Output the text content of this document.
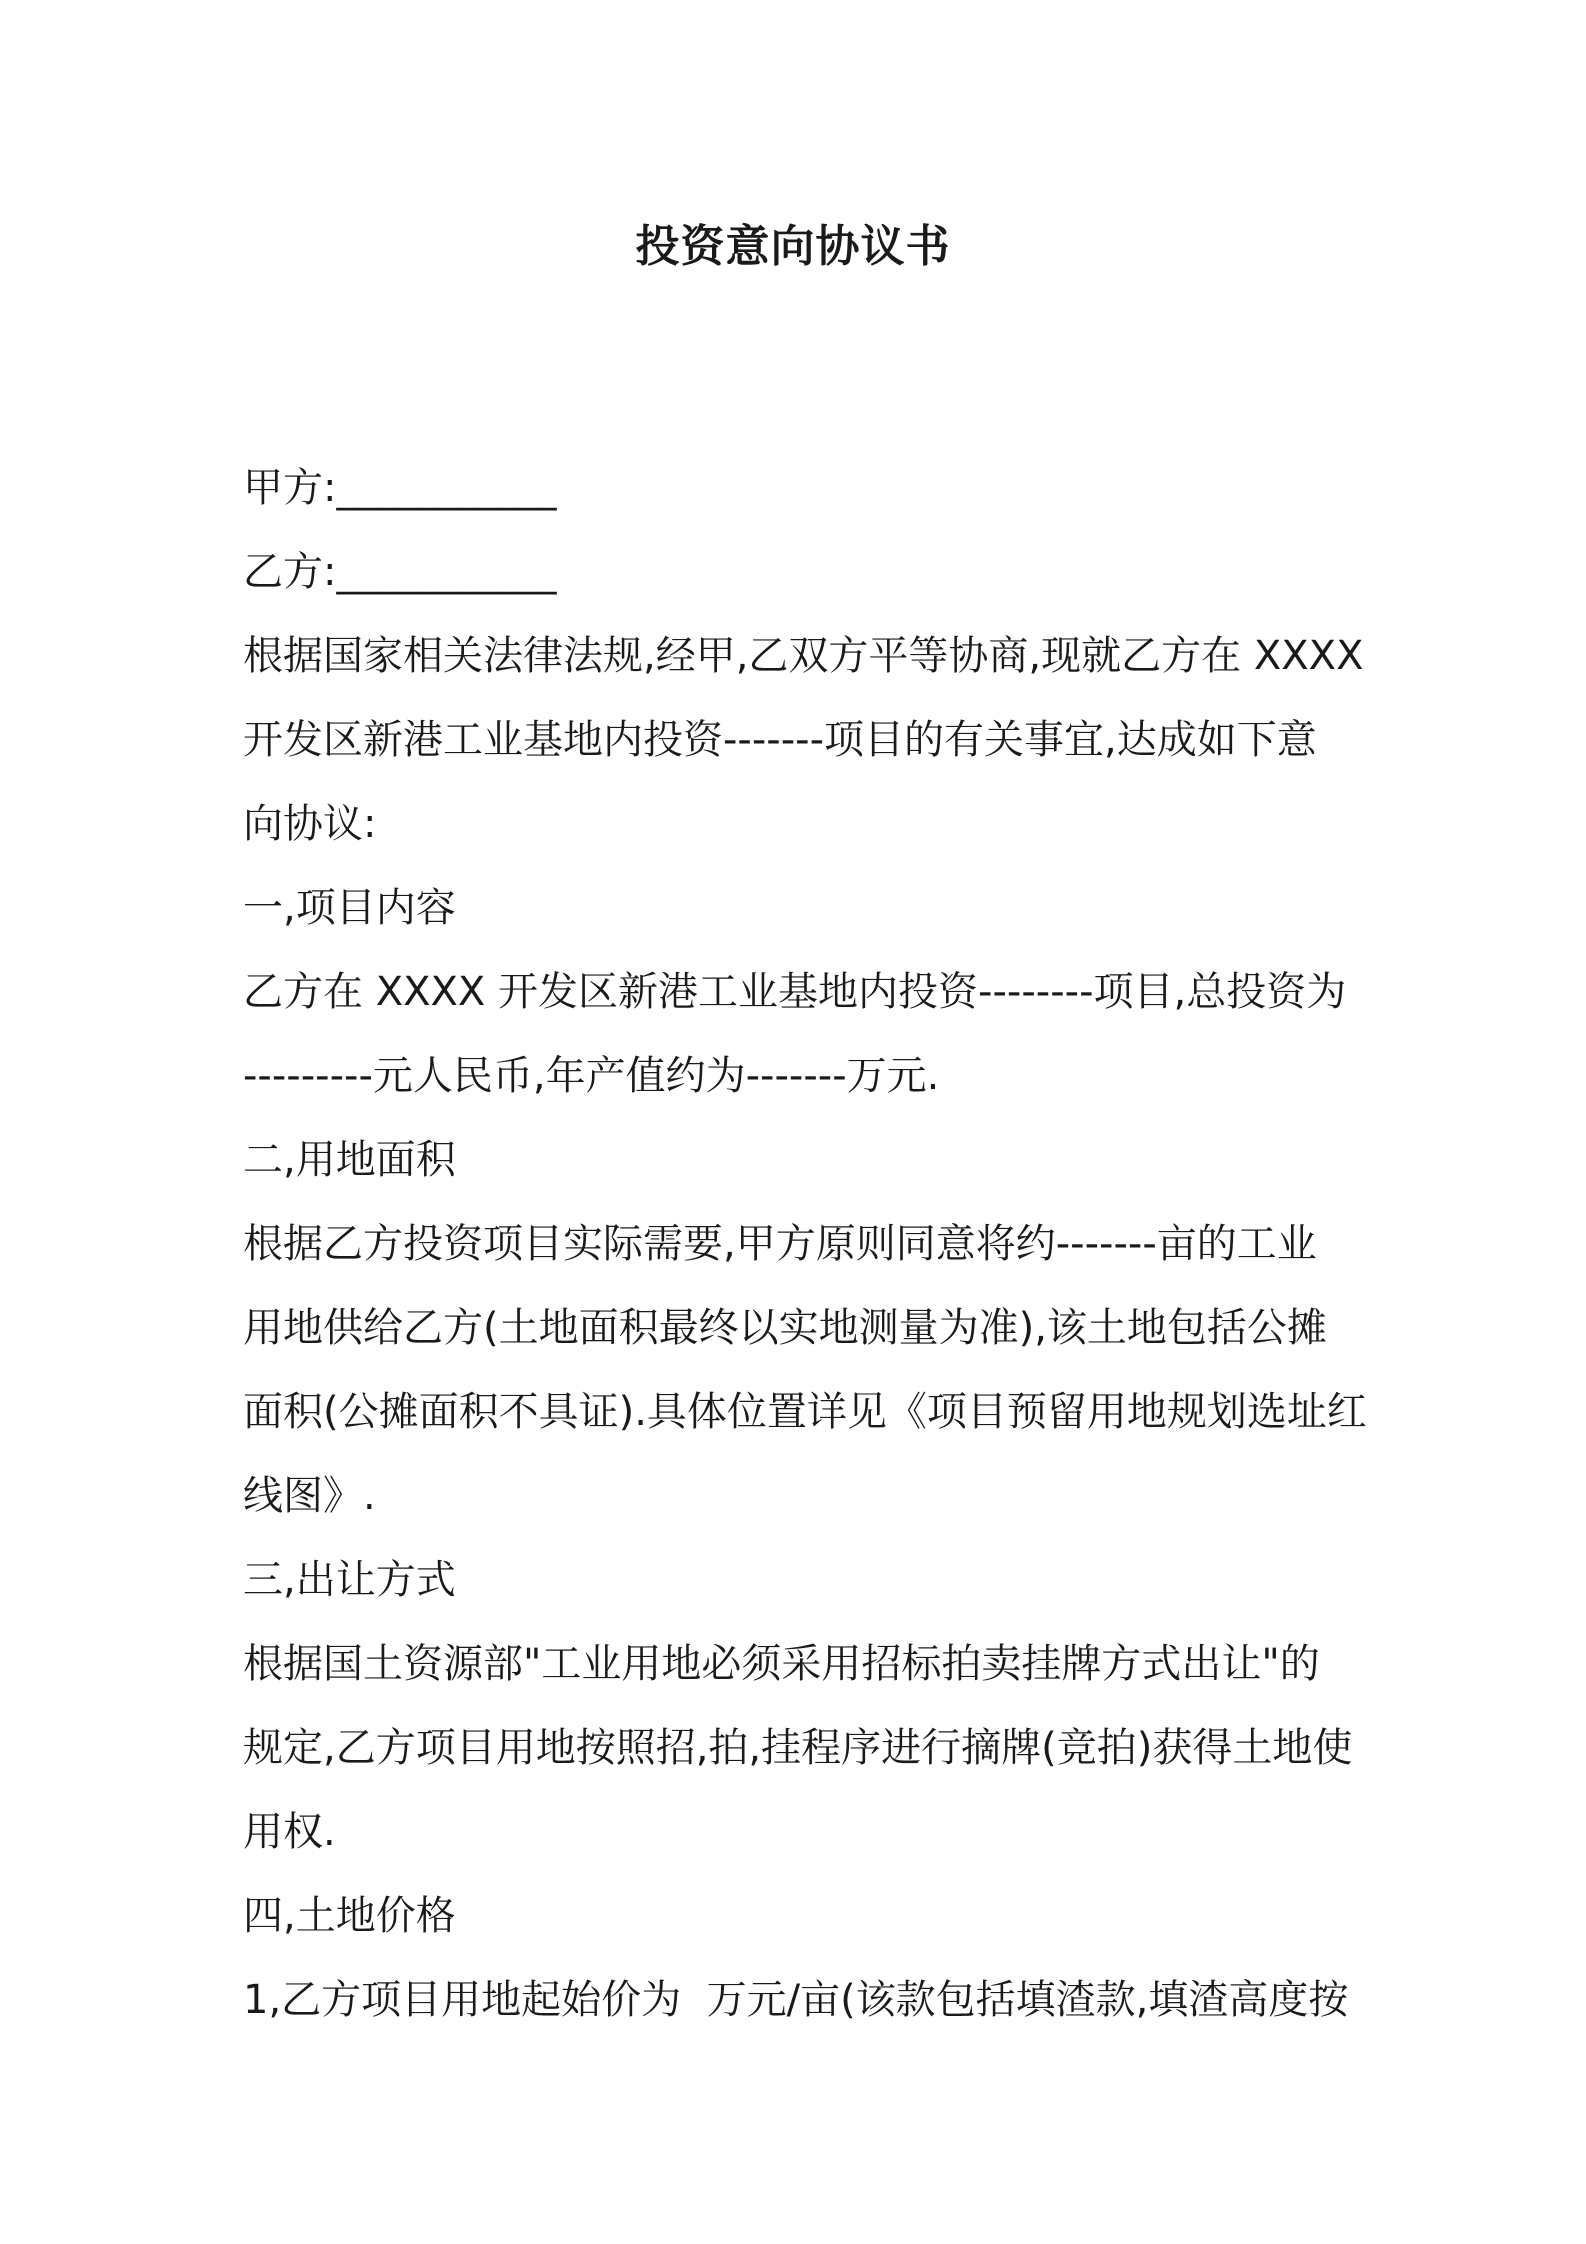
投资意向协议书

甲方:___________

乙方:___________

根据国家相关法律法规,经甲,乙双方平等协商,现就乙方在 XXXX

开发区新港工业基地内投资-------项目的有关事宜,达成如下意

向协议:

一,项目内容

乙方在 XXXX 开发区新港工业基地内投资--------项目,总投资为

---------元人民币,年产值约为-------万元.

二,用地面积

根据乙方投资项目实际需要,甲方原则同意将约-------亩的工业

用地供给乙方(土地面积最终以实地测量为准),该土地包括公摊

面积(公摊面积不具证).具体位置详见《项目预留用地规划选址红

线图》.

三,出让方式

根据国土资源部"工业用地必须采用招标拍卖挂牌方式出让"的

规定,乙方项目用地按照招,拍,挂程序进行摘牌(竞拍)获得土地使

用权.

四,土地价格

1,乙方项目用地起始价为  万元/亩(该款包括填渣款,填渣高度按
